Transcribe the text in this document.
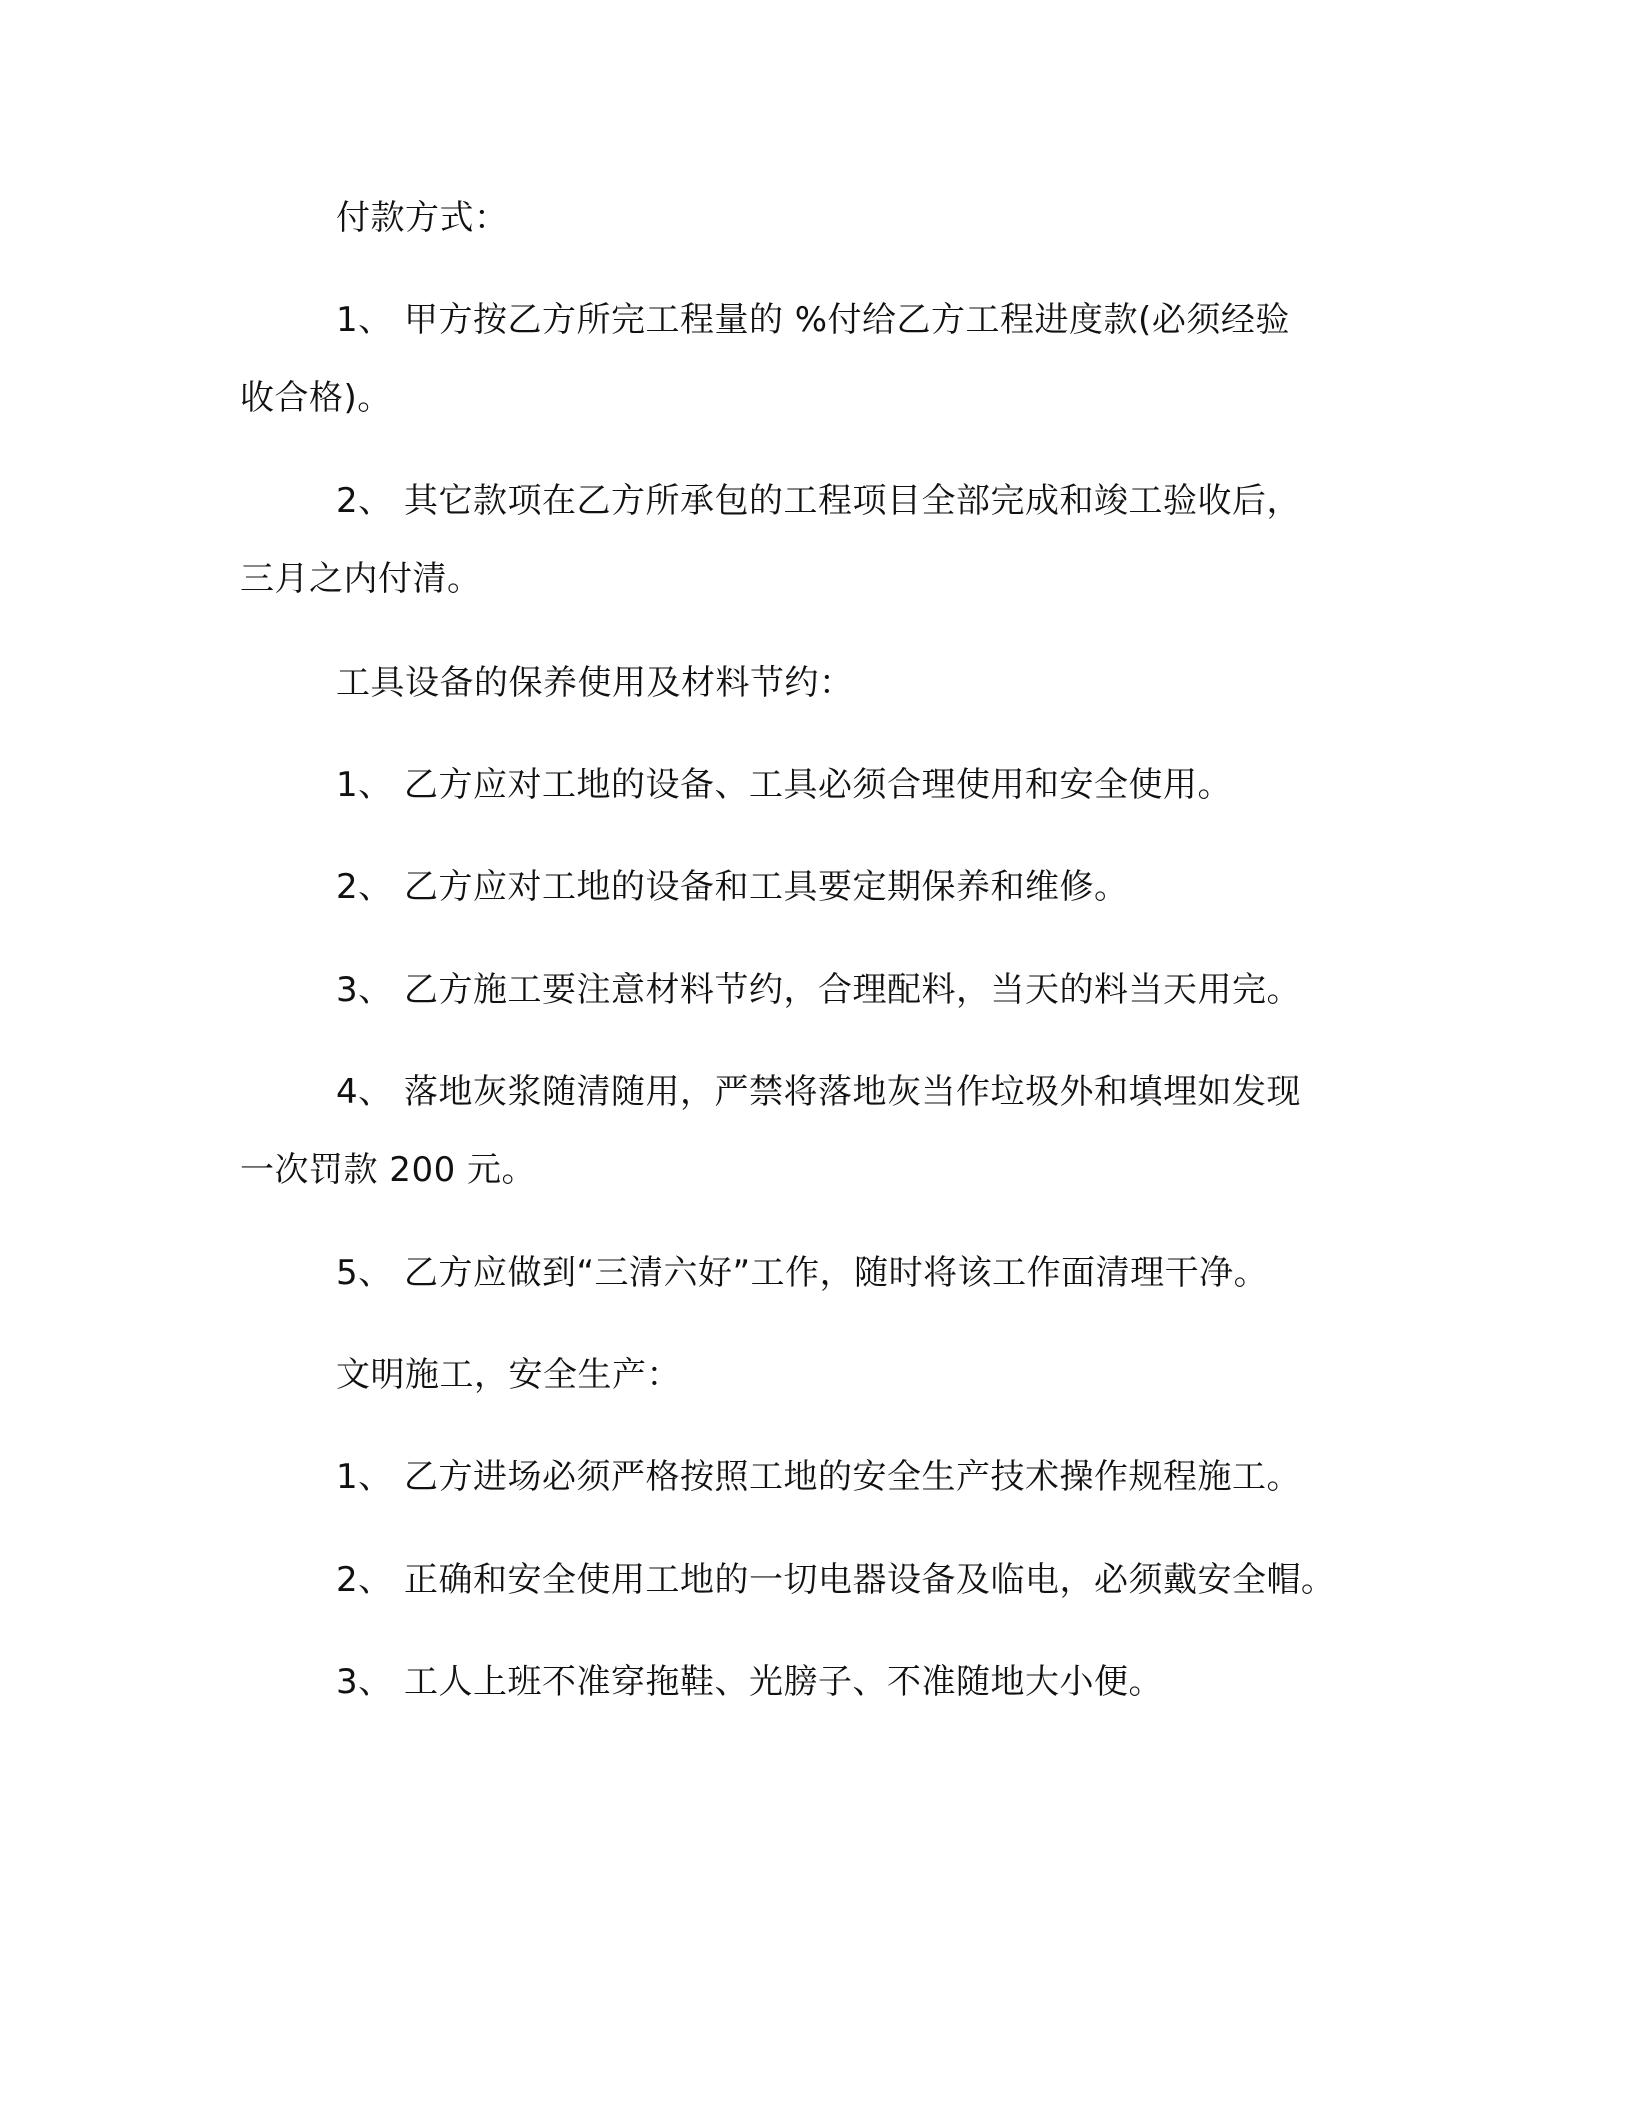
付款方式：
1、 甲方按乙方所完工程量的 %付给乙方工程进度款(必须经验
收合格)。
2、 其它款项在乙方所承包的工程项目全部完成和竣工验收后，
三月之内付清。
工具设备的保养使用及材料节约：
1、 乙方应对工地的设备、工具必须合理使用和安全使用。
2、 乙方应对工地的设备和工具要定期保养和维修。
3、 乙方施工要注意材料节约，合理配料，当天的料当天用完。
4、 落地灰浆随清随用，严禁将落地灰当作垃圾外和填埋如发现
一次罚款 200 元。
5、 乙方应做到“三清六好”工作，随时将该工作面清理干净。
文明施工，安全生产：
1、 乙方进场必须严格按照工地的安全生产技术操作规程施工。
2、 正确和安全使用工地的一切电器设备及临电，必须戴安全帽。
3、 工人上班不准穿拖鞋、光膀子、不准随地大小便。
